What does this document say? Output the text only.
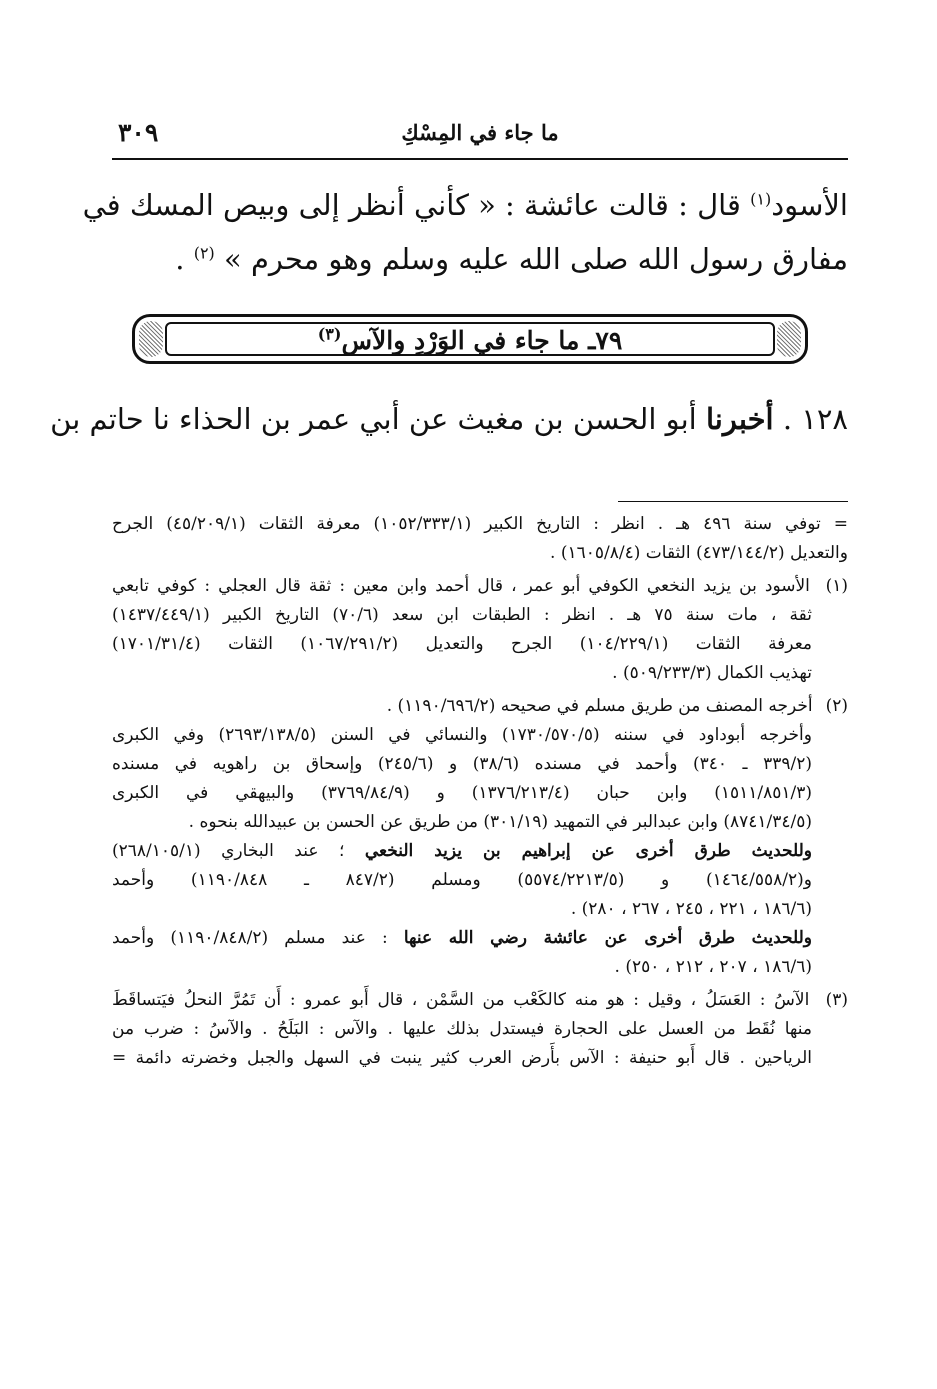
ما جاء في المِسْكِ
٣٠٩
الأسود$^{(١)}$ قال : قالت عائشة : « كأني أنظر إلى وبيص المسك في
مفارق رسول الله صلى الله عليه وسلم وهو محرم » $^{(٢)}$ .
٧٩ـ ما جاء في الوَرْدِ والآس$^{(٣)}$
١٢٨ . أخبرنا أبو الحسن بن مغيث عن أبي عمر بن الحذاء نا حاتم بن
= توفي سنة ٤٩٦ هـ . انظر : التاريخ الكبير (١٠٥٢/٣٣٣/١) معرفة الثقات (٤٥/٢٠٩/١) الجرح
والتعديل (٤٧٣/١٤٤/٢) الثقات (١٦٠٥/٨/٤) .
(١) الأسود بن يزيد النخعي الكوفي أبو عمر ، قال أحمد وابن معين : ثقة قال العجلي : كوفي تابعي
ثقة ، مات سنة ٧٥ هـ . انظر : الطبقات ابن سعد (٧٠/٦) التاريخ الكبير (١٤٣٧/٤٤٩/١)
معرفة الثقات (١٠٤/٢٢٩/١) الجرح والتعديل (١٠٦٧/٢٩١/٢) الثقات (١٧٠١/٣١/٤)
تهذيب الكمال (٥٠٩/٢٣٣/٣) .
(٢) أخرجه المصنف من طريق مسلم في صحيحه (١١٩٠/٦٩٦/٢) .
وأخرجه أبوداود في سننه (١٧٣٠/٥٧٠/٥) والنسائي في السنن (٢٦٩٣/١٣٨/٥) وفي الكبرى
(٣٣٩/٢ ـ ٣٤٠) وأحمد في مسنده (٣٨/٦) و (٢٤٥/٦) وإسحاق بن راهويه في مسنده
(١٥١١/٨٥١/٣) وابن حبان (١٣٧٦/٢١٣/٤) و (٣٧٦٩/٨٤/٩) والبيهقي في الكبرى
(٨٧٤١/٣٤/٥) وابن عبدالبر في التمهيد (٣٠١/١٩) من طريق عن الحسن بن عبيدالله بنحوه .
وللحديث طرق أخرى عن إبراهيم بن يزيد النخعي ؛ عند البخاري (٢٦٨/١٠٥/١)
و(١٤٦٤/٥٥٨/٢) و (٥٥٧٤/٢٢١٣/٥) ومسلم (٨٤٧/٢ ـ ١١٩٠/٨٤٨) وأحمد
(١٨٦/٦ ، ٢٢١ ، ٢٤٥ ، ٢٦٧ ، ٢٨٠) .
وللحديث طرق أخرى عن عائشة رضي الله عنها : عند مسلم (١١٩٠/٨٤٨/٢) وأحمد
(١٨٦/٦ ، ٢٠٧ ، ٢١٢ ، ٢٥٠) .
(٣) الآسُ : العَسَلُ ، وقيل : هو منه كالكَعْب من السَّمْن ، قال أَبو عمرو : أَن تَمُرَّ النحلُ فيَتساقَطَ
منها نُقَط من العسل على الحجارة فيستدل بذلك عليها . والآس : البَلَحُ . والآسُ : ضرب من
الرياحين . قال أَبو حنيفة : الآس بأَرض العرب كثير ينبت في السهل والجبل وخضرته دائمة =
